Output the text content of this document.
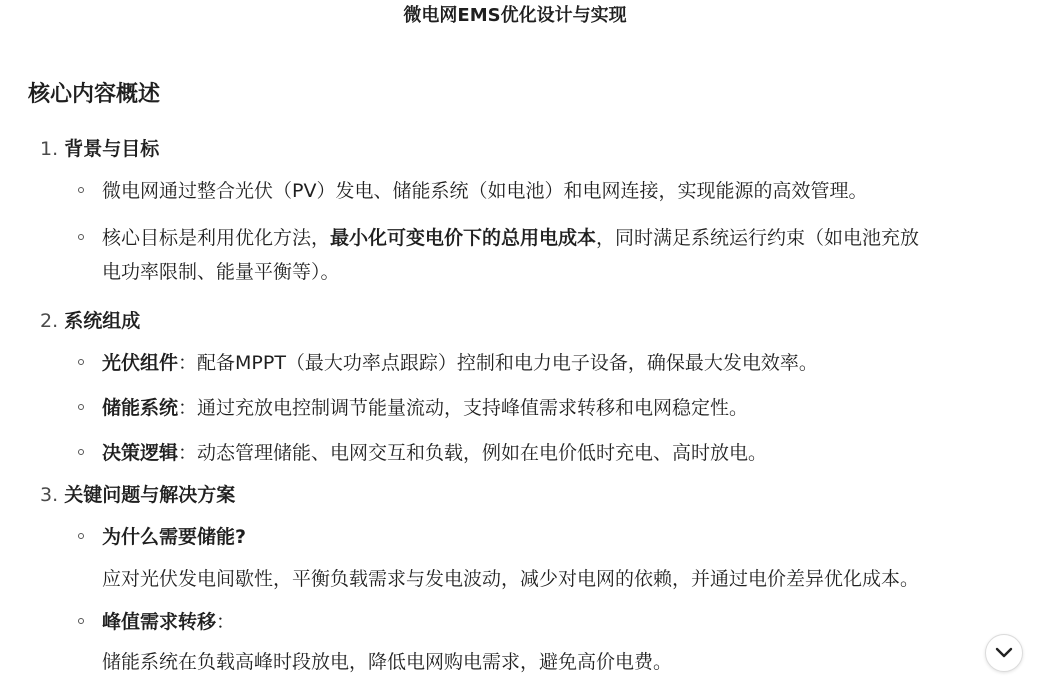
微电网EMS优化设计与实现
核心内容概述
1. 背景与目标
微电网通过整合光伏（PV）发电、储能系统（如电池）和电网连接，实现能源的高效管理。
核心目标是利用优化方法，最小化可变电价下的总用电成本，同时满足系统运行约束（如电池充放
电功率限制、能量平衡等）。
2. 系统组成
光伏组件：配备MPPT（最大功率点跟踪）控制和电力电子设备，确保最大发电效率。
储能系统：通过充放电控制调节能量流动，支持峰值需求转移和电网稳定性。
决策逻辑：动态管理储能、电网交互和负载，例如在电价低时充电、高时放电。
3. 关键问题与解决方案
为什么需要储能?
应对光伏发电间歇性，平衡负载需求与发电波动，减少对电网的依赖，并通过电价差异优化成本。
峰值需求转移：
储能系统在负载高峰时段放电，降低电网购电需求，避免高价电费。
